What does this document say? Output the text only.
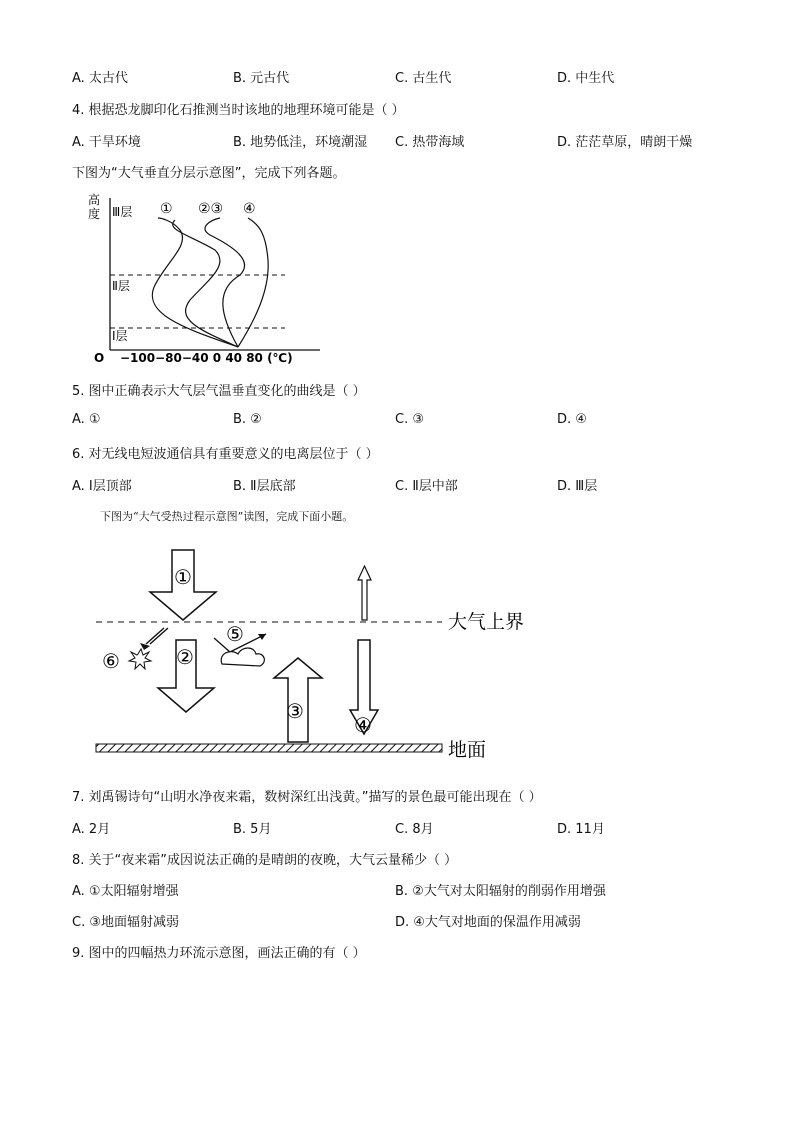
A. 太古代	B. 元古代	C. 古生代	D. 中生代
4. 根据恐龙脚印化石推测当时该地的地理环境可能是（ ）
A. 干旱环境	B. 地势低洼，环境潮湿 C. 热带海域	D. 茫茫草原，晴朗干燥
下图为“大气垂直分层示意图”，完成下列各题。
高
度 Ⅲ层
Ⅱ层
Ⅰ层
① ②③ ④
O −100−80−40 0 40 80 (℃)
5. 图中正确表示大气层气温垂直变化的曲线是（ ）
A. ①	B. ②	C. ③	D. ④
6. 对无线电短波通信具有重要意义的电离层位于（ ）
A. Ⅰ层顶部	B. Ⅱ层底部	C. Ⅱ层中部	D. Ⅲ层
下图为“大气受热过程示意图”读图，完成下面小题。
大气上界
地面
①
②
③
④
⑤
⑥
7. 刘禹锡诗句“山明水净夜来霜，数树深红出浅黄。”描写的景色最可能出现在（ ）
A. 2月	B. 5月	C. 8月	D. 11月
8. 关于“夜来霜”成因说法正确的是晴朗的夜晚，大气云量稀少（ ）
A. ①太阳辐射增强	B. ②大气对太阳辐射的削弱作用增强
C. ③地面辐射减弱	D. ④大气对地面的保温作用减弱
9. 图中的四幅热力环流示意图，画法正确的有（ ）
